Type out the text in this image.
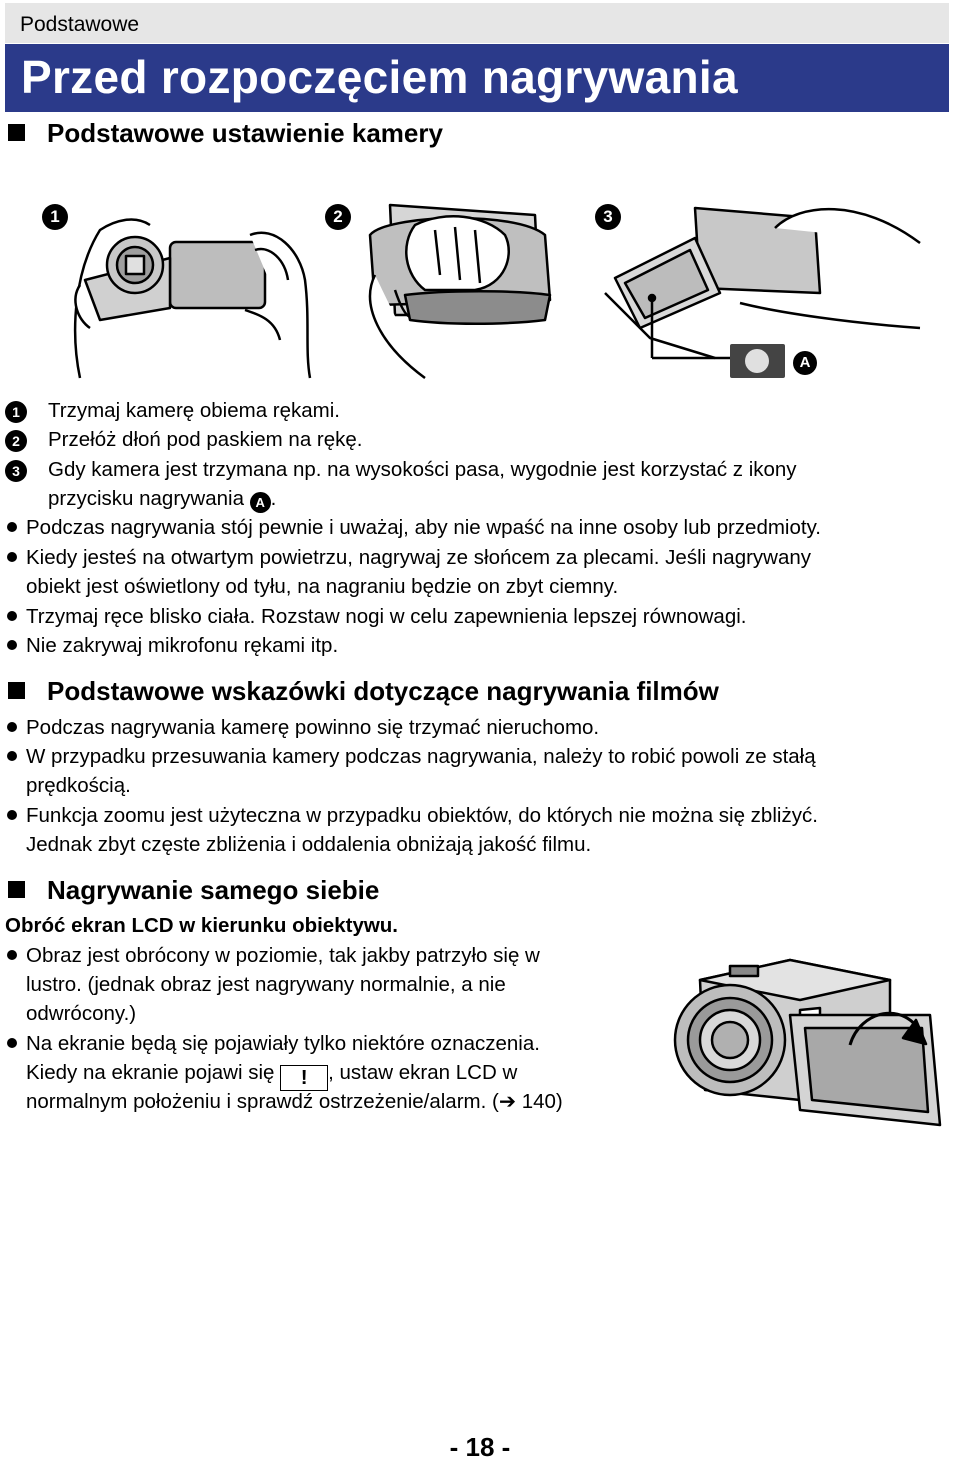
Podstawowe
Przed rozpoczęciem nagrywania
Podstawowe ustawienie kamery
1	2	3
A
1	Trzymaj kamerę obiema rękami.
2	Przełóż dłoń pod paskiem na rękę.
3	Gdy kamera jest trzymana np. na wysokości pasa, wygodnie jest korzystać z ikony
przycisku nagrywania A .
Podczas nagrywania stój pewnie i uważaj, aby nie wpaść na inne osoby lub przedmioty.
Kiedy jesteś na otwartym powietrzu, nagrywaj ze słońcem za plecami. Jeśli nagrywany
obiekt jest oświetlony od tyłu, na nagraniu będzie on zbyt ciemny.
Trzymaj ręce blisko ciała. Rozstaw nogi w celu zapewnienia lepszej równowagi.
Nie zakrywaj mikrofonu rękami itp.
Podstawowe wskazówki dotyczące nagrywania filmów
Podczas nagrywania kamerę powinno się trzymać nieruchomo.
W przypadku przesuwania kamery podczas nagrywania, należy to robić powoli ze stałą
prędkością.
Funkcja zoomu jest użyteczna w przypadku obiektów, do których nie można się zbliżyć.
Jednak zbyt częste zbliżenia i oddalenia obniżają jakość filmu.
Nagrywanie samego siebie
Obróć ekran LCD w kierunku obiektywu.
Obraz jest obrócony w poziomie, tak jakby patrzyło się w
lustro. (jednak obraz jest nagrywany normalnie, a nie
odwrócony.)
Na ekranie będą się pojawiały tylko niektóre oznaczenia.
Kiedy na ekranie pojawi się ! , ustaw ekran LCD w
normalnym położeniu i sprawdź ostrzeżenie/alarm. (➔ 140)
- 18 -
